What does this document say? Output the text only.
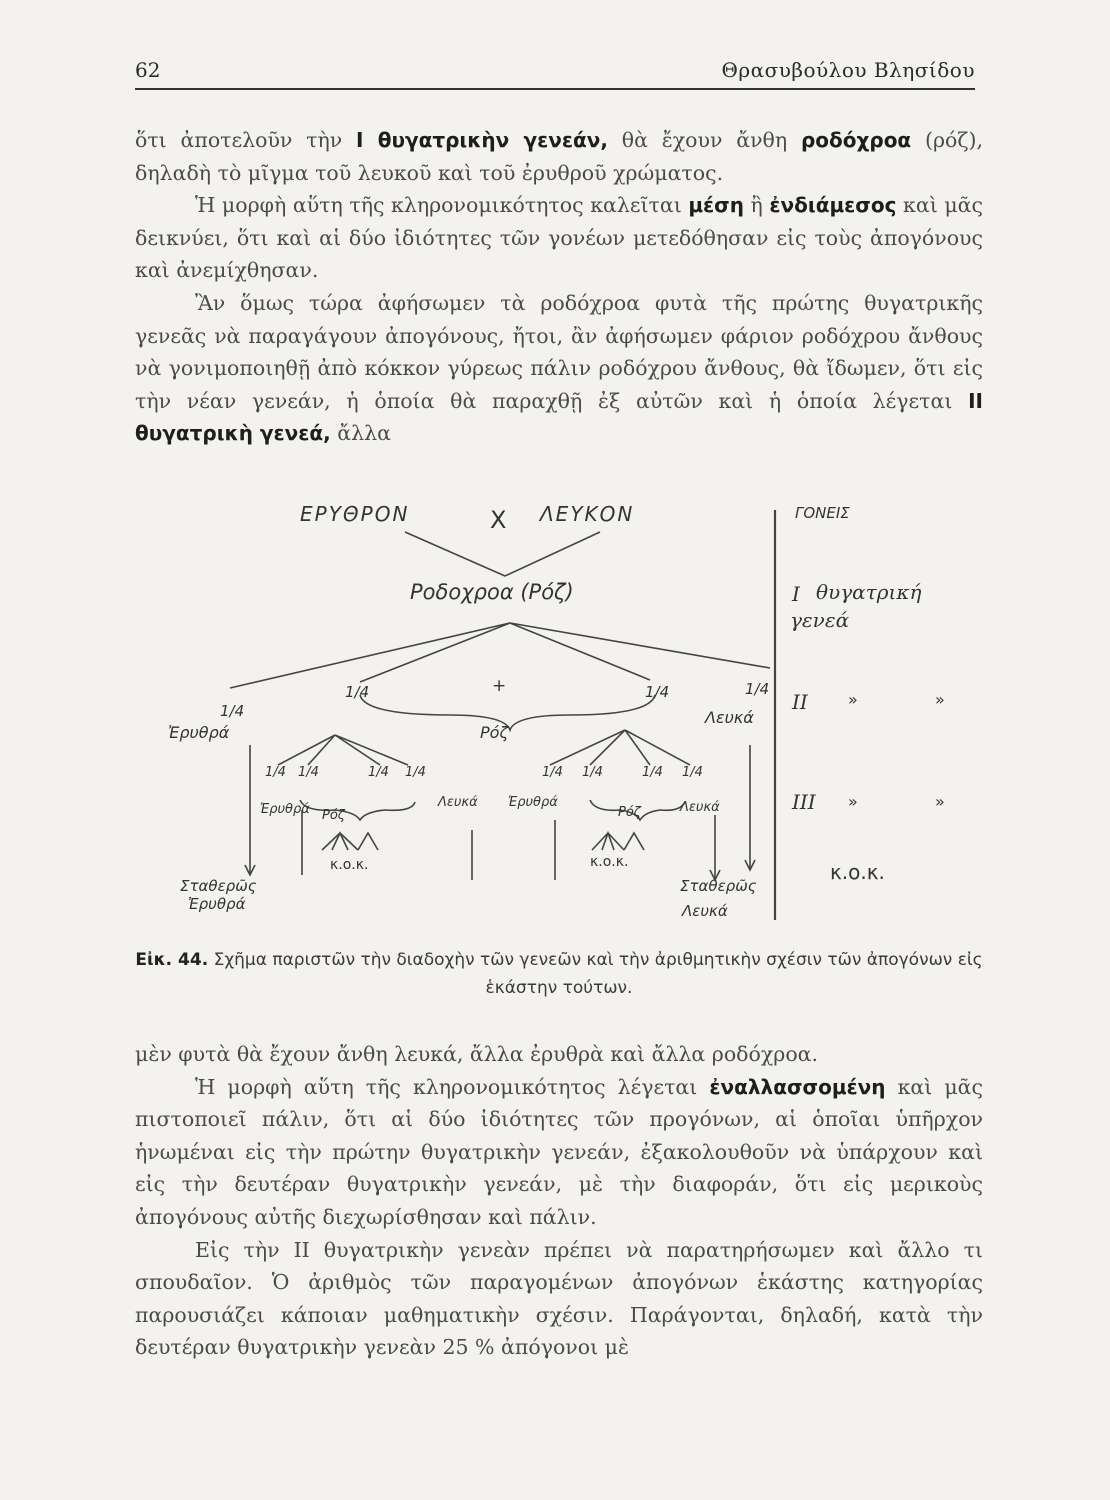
62	Θρασυβούλου Βλησίδου

ὅτι ἀποτελοῦν τὴν I θυγατρικὴν γενεάν, θὰ ἔχουν ἄνθη ροδόχροα (ρόζ), δηλαδὴ τὸ μῖγμα τοῦ λευκοῦ καὶ τοῦ ἐρυθροῦ χρώματος.

Ἡ μορφὴ αὕτη τῆς κληρονομικότητος καλεῖται μέση ἢ ἐνδιάμεσος καὶ μᾶς δεικνύει, ὅτι καὶ αἱ δύο ἰδιότητες τῶν γονέων μετεδόθησαν εἰς τοὺς ἀπογόνους καὶ ἀνεμίχθησαν.

Ἂν ὅμως τώρα ἀφήσωμεν τὰ ροδόχροα φυτὰ τῆς πρώτης θυγατρικῆς γενεᾶς νὰ παραγάγουν ἀπογόνους, ἤτοι, ἂν ἀφήσωμεν φάριον ροδόχρου ἄνθους νὰ γονιμοποιηθῇ ἀπὸ κόκκον γύρεως πάλιν ροδόχρου ἄνθους, θὰ ἴδωμεν, ὅτι εἰς τὴν νέαν γενεάν, ἡ ὁποία θὰ παραχθῇ ἐξ αὐτῶν καὶ ἡ ὁποία λέγεται II θυγατρικὴ γενεά, ἄλλα

ΕΡΥΘΡΟΝ	X ΛΕΥΚΟΝ
Ροδοχροα (Ρόζ)
+
1/4
1/4	1/4	1/4
Ἐρυθρά	Ρόζ
Λευκά
1/4 1/4	1/4 1/4	1/4 1/4	1/4 1/4
Ἐρυθρά Ρόζ
Λευκά Ἐρυθρά
Ρόζ	Λευκά
κ.ο.κ.	κ.ο.κ.
Σταθερῶς
Ἐρυθρά
Σταθερῶς
Λευκά
ΓΟΝΕΙΣ
I θυγατρική
γενεά
II	»	»
III »	»
κ.ο.κ.
Εἰκ. 44. Σχῆμα παριστῶν τὴν διαδοχὴν τῶν γενεῶν καὶ τὴν ἀριθμητικὴν σχέσιν τῶν ἀπογόνων εἰς ἑκάστην τούτων.

μὲν φυτὰ θὰ ἔχουν ἄνθη λευκά, ἄλλα ἐρυθρὰ καὶ ἄλλα ροδόχροα.

Ἡ μορφὴ αὕτη τῆς κληρονομικότητος λέγεται ἐναλλασσομένη καὶ μᾶς πιστοποιεῖ πάλιν, ὅτι αἱ δύο ἰδιότητες τῶν προγόνων, αἱ ὁποῖαι ὑπῆρχον ἡνωμέναι εἰς τὴν πρώτην θυγατρικὴν γενεάν, ἐξακολουθοῦν νὰ ὑπάρχουν καὶ εἰς τὴν δευτέραν θυγατρικὴν γενεάν, μὲ τὴν διαφοράν, ὅτι εἰς μερικοὺς ἀπογόνους αὐτῆς διεχωρίσθησαν καὶ πάλιν.

Εἰς τὴν II θυγατρικὴν γενεὰν πρέπει νὰ παρατηρήσωμεν καὶ ἄλλο τι σπουδαῖον. Ὁ ἀριθμὸς τῶν παραγομένων ἀπογόνων ἑκάστης κατηγορίας παρουσιάζει κάποιαν μαθηματικὴν σχέσιν. Παράγονται, δηλαδή, κατὰ τὴν δευτέραν θυγατρικὴν γενεὰν 25 % ἀπόγονοι μὲ
